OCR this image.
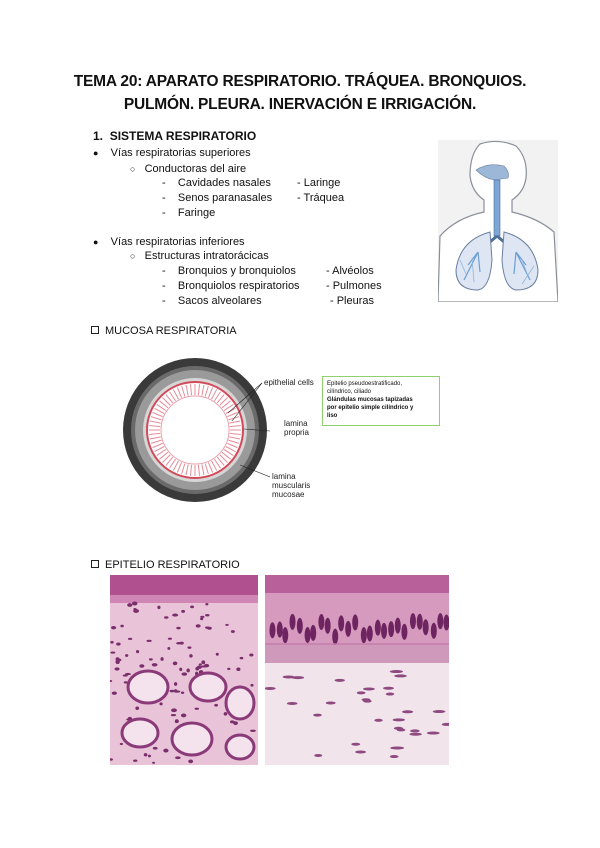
TEMA 20: APARATO RESPIRATORIO. TRÁQUEA. BRONQUIOS.
PULMÓN. PLEURA. INERVACIÓN E IRRIGACIÓN.
1. SISTEMA RESPIRATORIO
● Vías respiratorias superiores
○ Conductoras del aire
-    Cavidades nasales
-    Senos paranasales
-    Faringe
- Laringe
- Tráquea
● Vías respiratorias inferiores
○ Estructuras intratorácicas
-    Bronquios y bronquiolos
-    Bronquiolos respiratorios
-    Sacos alveolares
- Alvéolos
- Pulmones
- Pleuras
MUCOSA RESPIRATORIA
epithelial cells
lamina
propria
lamina
muscularis
mucosae
Epitelio pseudoestratificado,
cilíndrico, ciliado
Glándulas mucosas tapizadas
por epitelio simple cilíndrico y
liso
EPITELIO RESPIRATORIO
